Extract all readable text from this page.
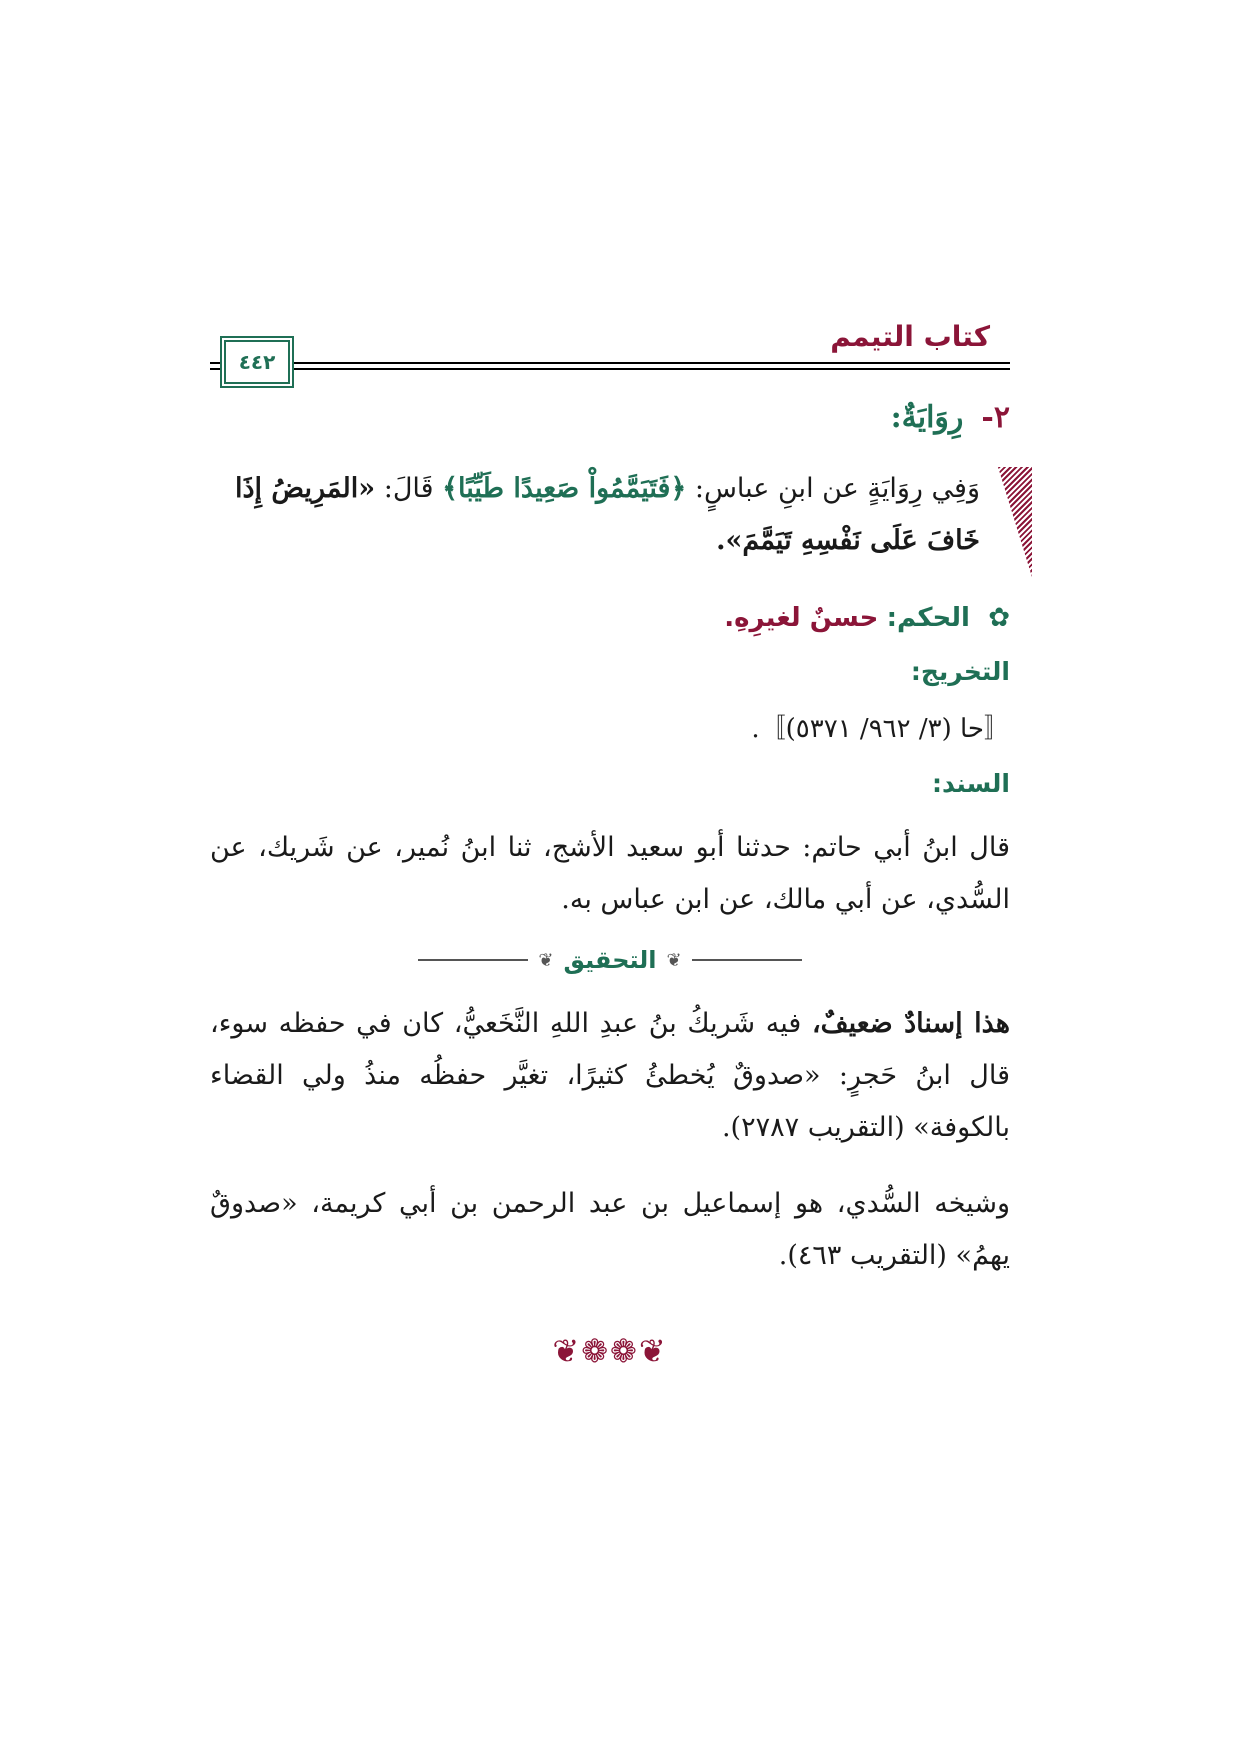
كتاب التيمم
٤٤٢
٢-رِوَايَةٌ:
وَفِي رِوَايَةٍ عن ابنِ عباسٍ: ﴿فَتَيَمَّمُواْ صَعِيدًا طَيِّبًا﴾ قَالَ: «المَرِيضُ إِذَا خَافَ عَلَى نَفْسِهِ تَيَمَّمَ».
✿ الحكم: حسنٌ لغيرِهِ.
التخريج:
〚حا (٣/ ٩٦٢/ ٥٣٧١)〛.
السند:
قال ابنُ أبي حاتم: حدثنا أبو سعيد الأشج، ثنا ابنُ نُمير، عن شَريك، عن السُّدي، عن أبي مالك، عن ابن عباس به.
❦
التحقيق
❦
هذا إسنادٌ ضعيفٌ، فيه شَريكُ بنُ عبدِ اللهِ النَّخَعيُّ، كان في حفظه سوء، قال ابنُ حَجرٍ: «صدوقٌ يُخطئُ كثيرًا، تغيَّر حفظُه منذُ ولي القضاء بالكوفة» (التقريب ٢٧٨٧).
وشيخه السُّدي، هو إسماعيل بن عبد الرحمن بن أبي كريمة، «صدوقٌ يهمُ» (التقريب ٤٦٣).
❦❁❁❦
